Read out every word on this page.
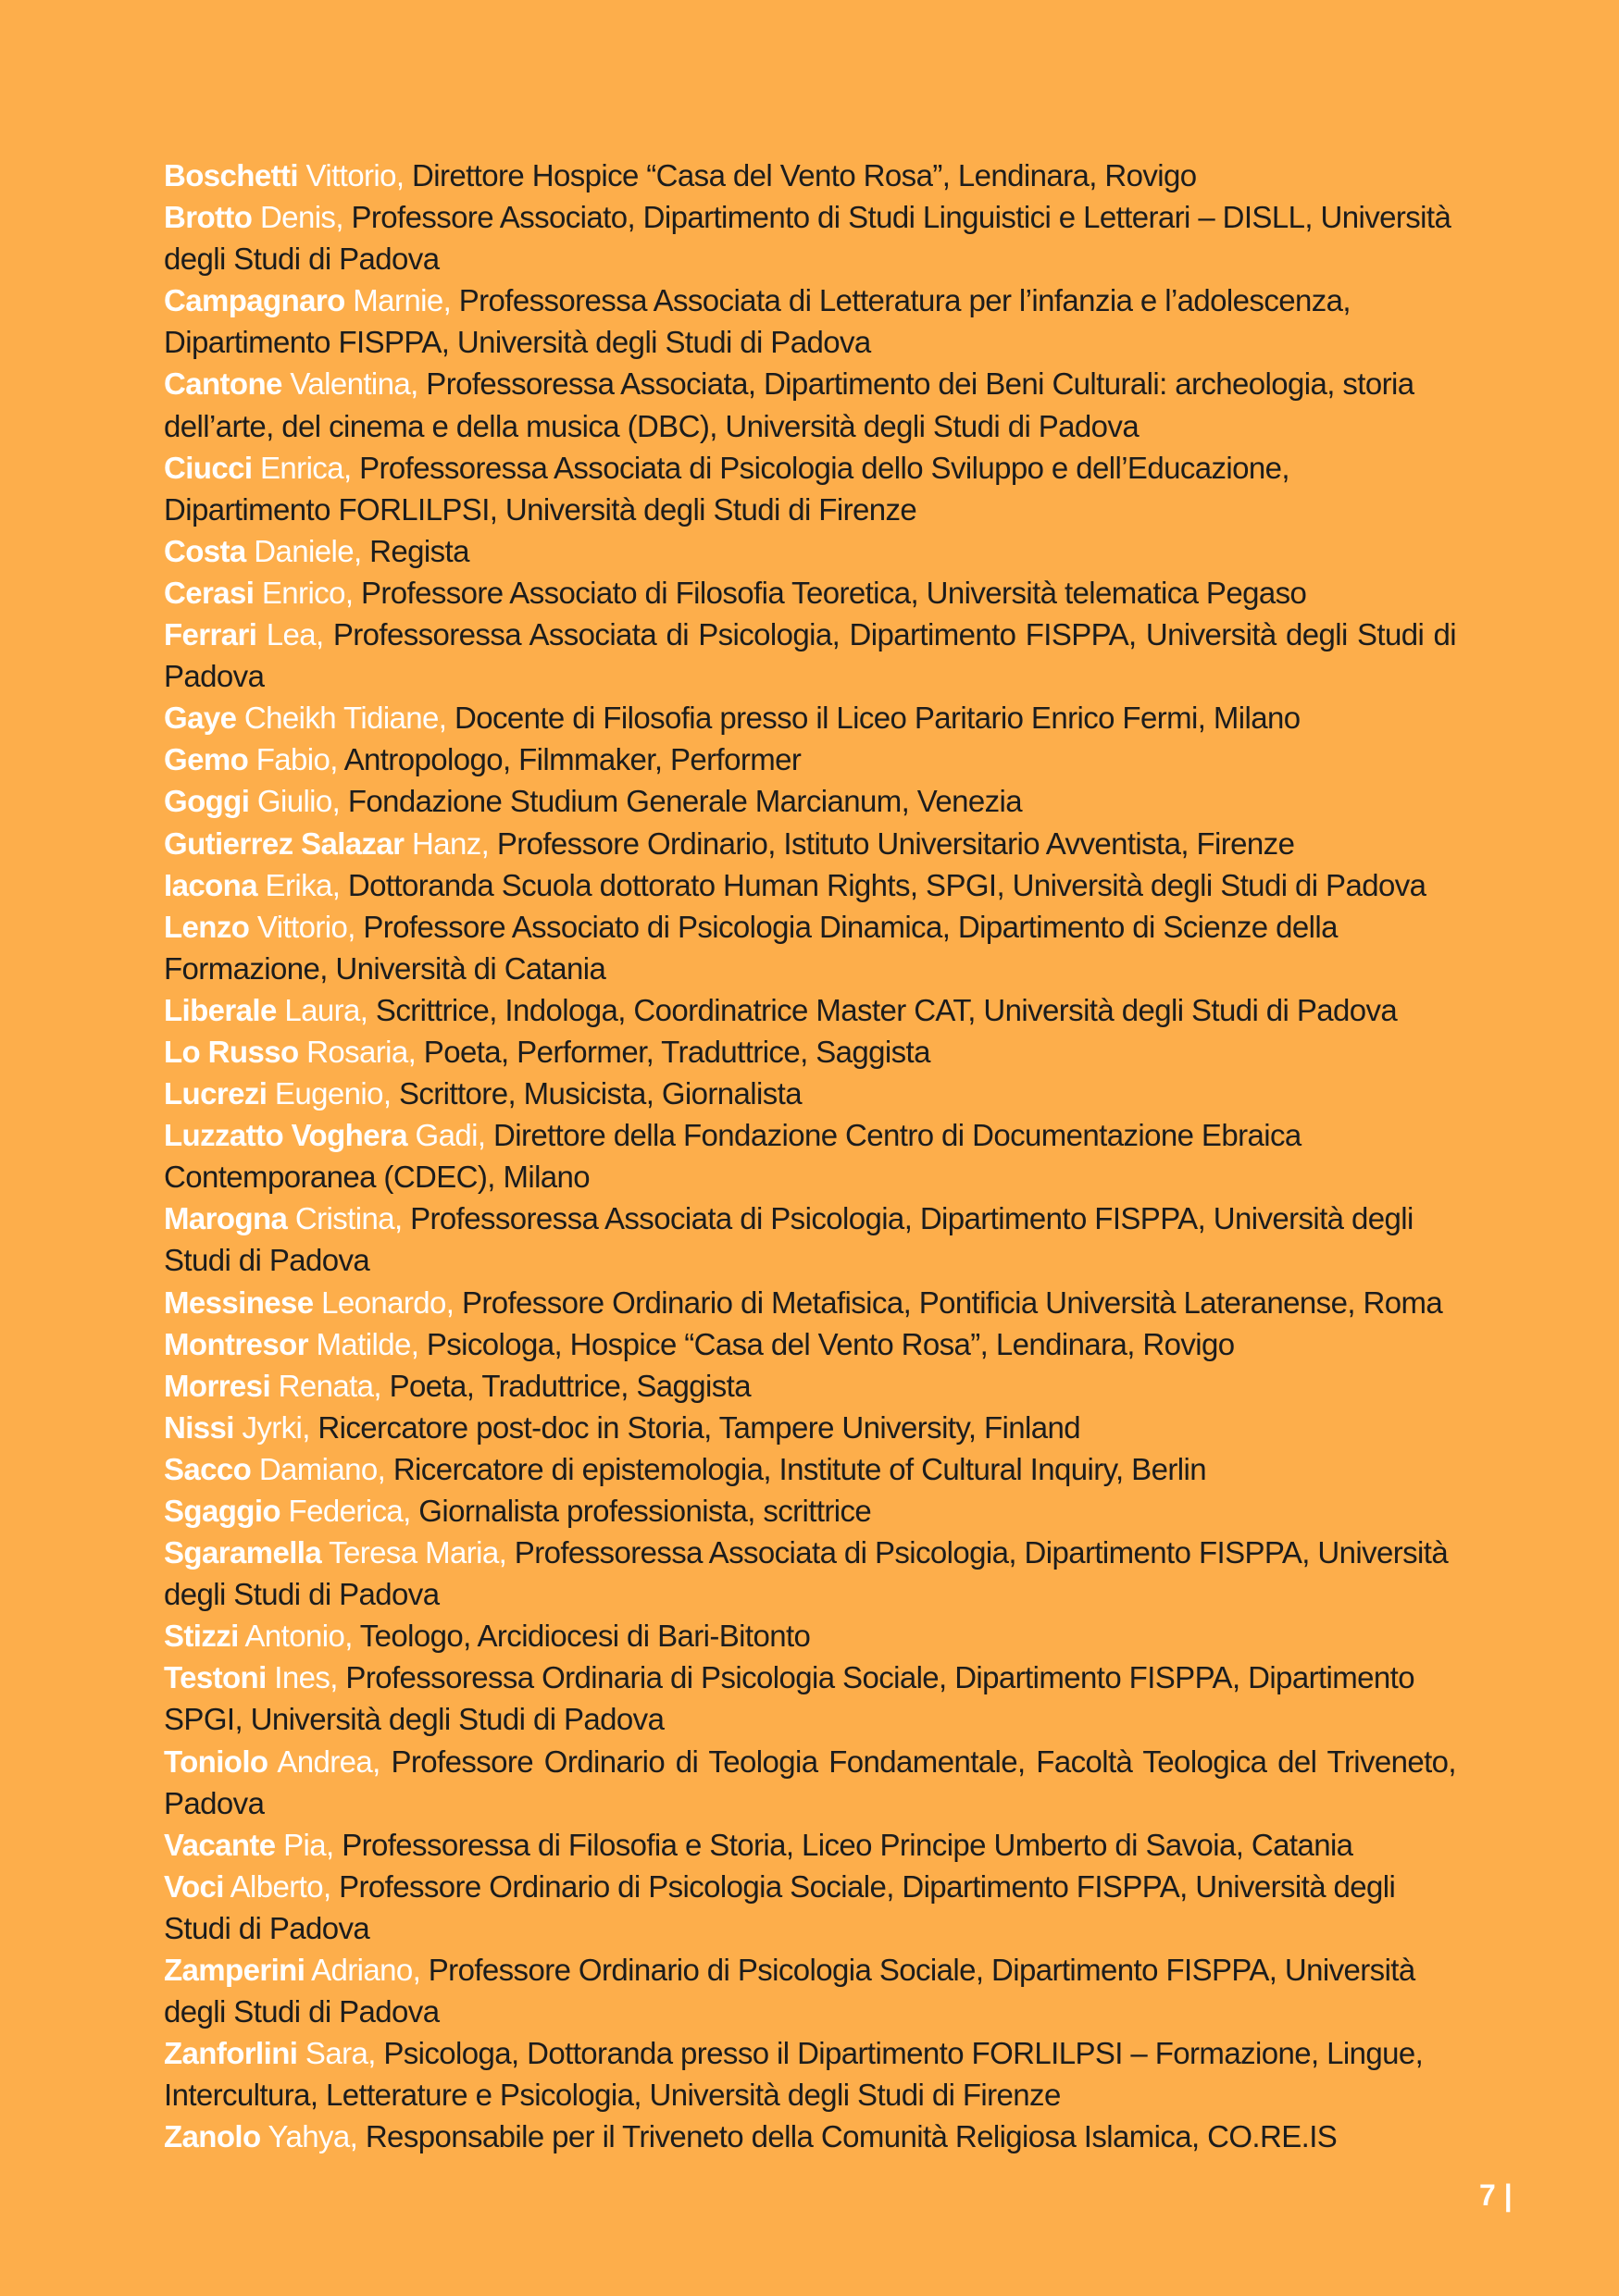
Boschetti Vittorio, Direttore Hospice “Casa del Vento Rosa”, Lendinara, Rovigo
Brotto Denis, Professore Associato, Dipartimento di Studi Linguistici e Letterari – DISLL, Università degli Studi di Padova
Campagnaro Marnie, Professoressa Associata di Letteratura per l’infanzia e l’adolescenza, Dipartimento FISPPA, Università degli Studi di Padova
Cantone Valentina, Professoressa Associata, Dipartimento dei Beni Culturali: archeologia, storia dell’arte, del cinema e della musica (DBC), Università degli Studi di Padova
Ciucci Enrica, Professoressa Associata di Psicologia dello Sviluppo e dell’Educazione, Dipartimento FORLILPSI, Università degli Studi di Firenze
Costa Daniele, Regista
Cerasi Enrico, Professore Associato di Filosofia Teoretica, Università telematica Pegaso
Ferrari Lea, Professoressa Associata di Psicologia, Dipartimento FISPPA, Università degli Studi di Padova
Gaye Cheikh Tidiane, Docente di Filosofia presso il Liceo Paritario Enrico Fermi, Milano
Gemo Fabio, Antropologo, Filmmaker, Performer
Goggi Giulio, Fondazione Studium Generale Marcianum, Venezia
Gutierrez Salazar Hanz, Professore Ordinario, Istituto Universitario Avventista, Firenze
Iacona Erika, Dottoranda Scuola dottorato Human Rights, SPGI, Università degli Studi di Padova
Lenzo Vittorio, Professore Associato di Psicologia Dinamica, Dipartimento di Scienze della Formazione, Università di Catania
Liberale Laura, Scrittrice, Indologa, Coordinatrice Master CAT, Università degli Studi di Padova
Lo Russo Rosaria, Poeta, Performer, Traduttrice, Saggista
Lucrezi Eugenio, Scrittore, Musicista, Giornalista
Luzzatto Voghera Gadi, Direttore della Fondazione Centro di Documentazione Ebraica Contemporanea (CDEC), Milano
Marogna Cristina, Professoressa Associata di Psicologia, Dipartimento FISPPA, Università degli Studi di Padova
Messinese Leonardo, Professore Ordinario di Metafisica, Pontificia Università Lateranense, Roma
Montresor Matilde, Psicologa, Hospice “Casa del Vento Rosa”, Lendinara, Rovigo
Morresi Renata, Poeta, Traduttrice, Saggista
Nissi Jyrki, Ricercatore post-doc in Storia, Tampere University, Finland
Sacco Damiano, Ricercatore di epistemologia, Institute of Cultural Inquiry, Berlin
Sgaggio Federica, Giornalista professionista, scrittrice
Sgaramella Teresa Maria, Professoressa Associata di Psicologia, Dipartimento FISPPA, Università degli Studi di Padova
Stizzi Antonio, Teologo, Arcidiocesi di Bari-Bitonto
Testoni Ines, Professoressa Ordinaria di Psicologia Sociale, Dipartimento FISPPA, Dipartimento SPGI, Università degli Studi di Padova
Toniolo Andrea, Professore Ordinario di Teologia Fondamentale, Facoltà Teologica del Triveneto, Padova
Vacante Pia, Professoressa di Filosofia e Storia, Liceo Principe Umberto di Savoia, Catania
Voci Alberto, Professore Ordinario di Psicologia Sociale, Dipartimento FISPPA, Università degli Studi di Padova
Zamperini Adriano, Professore Ordinario di Psicologia Sociale, Dipartimento FISPPA, Università degli Studi di Padova
Zanforlini Sara, Psicologa, Dottoranda presso il Dipartimento FORLILPSI – Formazione, Lingue, Intercultura, Letterature e Psicologia, Università degli Studi di Firenze
Zanolo Yahya, Responsabile per il Triveneto della Comunità Religiosa Islamica, CO.RE.IS
7 |
